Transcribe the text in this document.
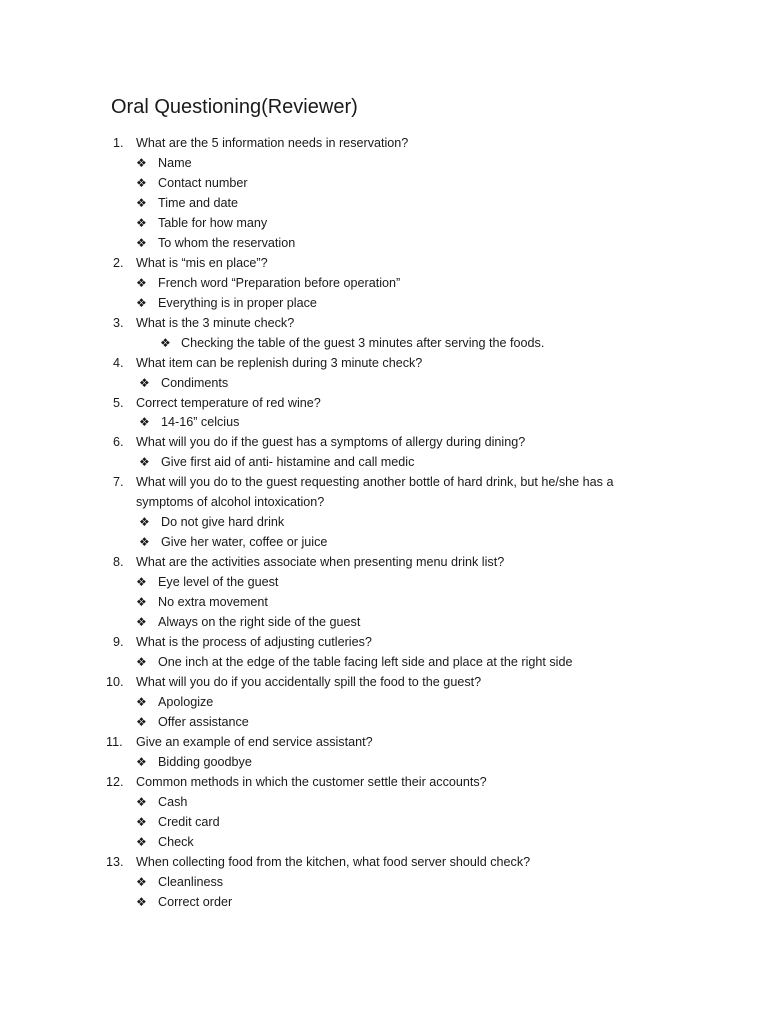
Oral Questioning(Reviewer)
1. What are the 5 information needs in reservation?
❖ Name
❖ Contact number
❖ Time and date
❖ Table for how many
❖ To whom the reservation
2. What is “mis en place”?
❖ French word “Preparation before operation”
❖ Everything is in proper place
3. What is the 3 minute check?
❖ Checking the table of the guest 3 minutes after serving the foods.
4. What item can be replenish during 3 minute check?
❖ Condiments
5. Correct temperature of red wine?
❖ 14-16” celcius
6. What will you do if the guest has a symptoms of allergy during dining?
❖ Give first aid of anti- histamine and call medic
7. What will you do to the guest requesting another bottle of hard drink, but he/she has a
symptoms of alcohol intoxication?
❖ Do not give hard drink
❖ Give her water, coffee or juice
8. What are the activities associate when presenting menu drink list?
❖ Eye level of the guest
❖ No extra movement
❖ Always on the right side of the guest
9. What is the process of adjusting cutleries?
❖ One inch at the edge of the table facing left side and place at the right side
10. What will you do if you accidentally spill the food to the guest?
❖ Apologize
❖ Offer assistance
11. Give an example of end service assistant?
❖ Bidding goodbye
12. Common methods in which the customer settle their accounts?
❖ Cash
❖ Credit card
❖ Check
13. When collecting food from the kitchen, what food server should check?
❖ Cleanliness
❖ Correct order
